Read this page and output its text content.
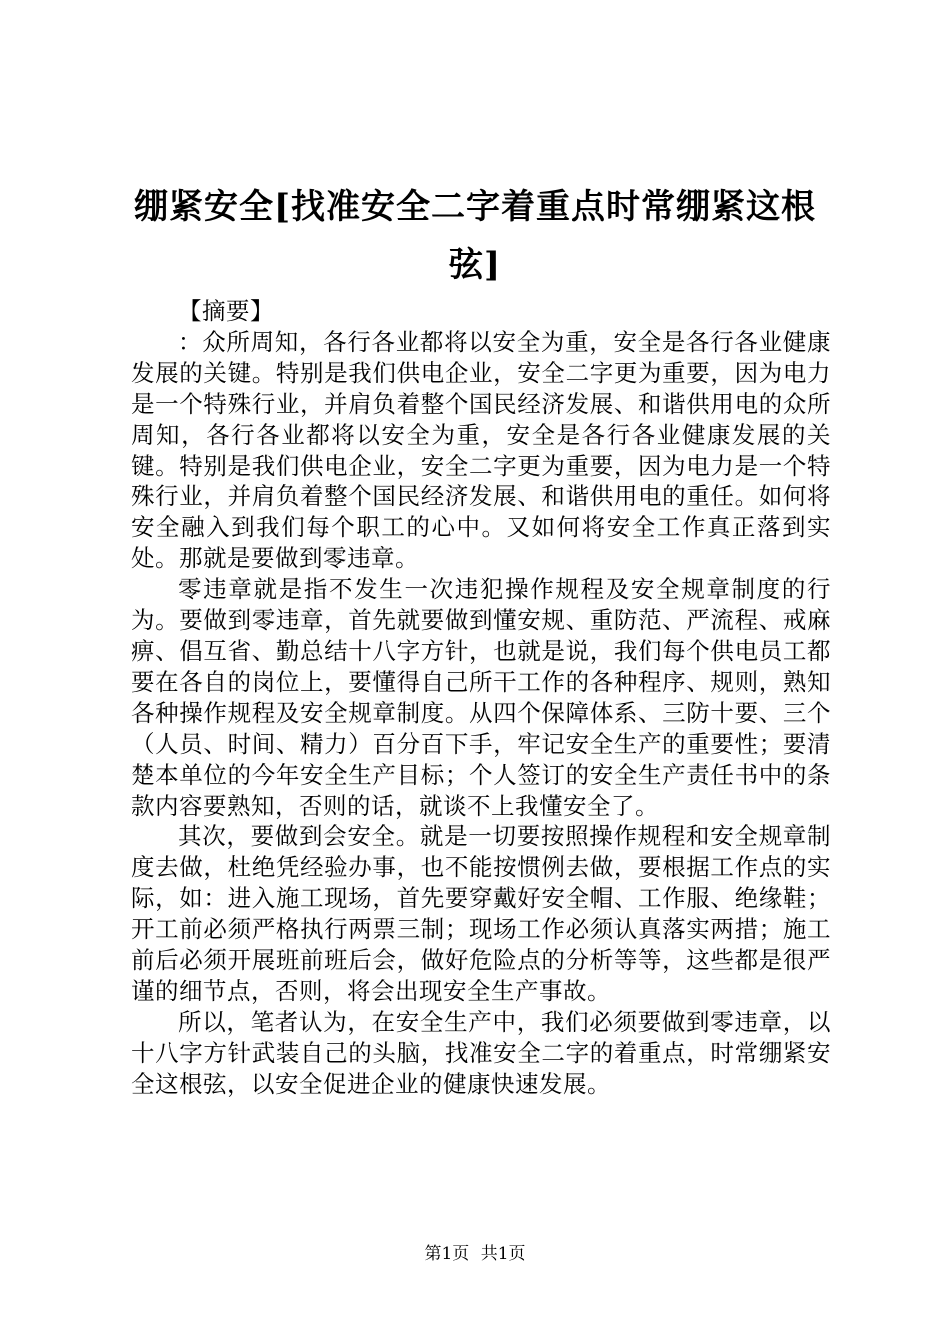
绷紧安全[找准安全二字着重点时常绷紧这根弦]

【摘要】

：众所周知，各行各业都将以安全为重，安全是各行各业健康发展的关键。特别是我们供电企业，安全二字更为重要，因为电力是一个特殊行业，并肩负着整个国民经济发展、和谐供用电的众所周知，各行各业都将以安全为重，安全是各行各业健康发展的关键。特别是我们供电企业，安全二字更为重要，因为电力是一个特殊行业，并肩负着整个国民经济发展、和谐供用电的重任。如何将安全融入到我们每个职工的心中。又如何将安全工作真正落到实处。那就是要做到零违章。

零违章就是指不发生一次违犯操作规程及安全规章制度的行为。要做到零违章，首先就要做到懂安规、重防范、严流程、戒麻痹、倡互省、勤总结十八字方针，也就是说，我们每个供电员工都要在各自的岗位上，要懂得自己所干工作的各种程序、规则，熟知各种操作规程及安全规章制度。从四个保障体系、三防十要、三个（人员、时间、精力）百分百下手，牢记安全生产的重要性；要清楚本单位的今年安全生产目标；个人签订的安全生产责任书中的条款内容要熟知，否则的话，就谈不上我懂安全了。

其次，要做到会安全。就是一切要按照操作规程和安全规章制度去做，杜绝凭经验办事，也不能按惯例去做，要根据工作点的实际，如：进入施工现场，首先要穿戴好安全帽、工作服、绝缘鞋；开工前必须严格执行两票三制；现场工作必须认真落实两措；施工前后必须开展班前班后会，做好危险点的分析等等，这些都是很严谨的细节点，否则，将会出现安全生产事故。

所以，笔者认为，在安全生产中，我们必须要做到零违章，以十八字方针武装自己的头脑，找准安全二字的着重点，时常绷紧安全这根弦，以安全促进企业的健康快速发展。

第1页 共1页
